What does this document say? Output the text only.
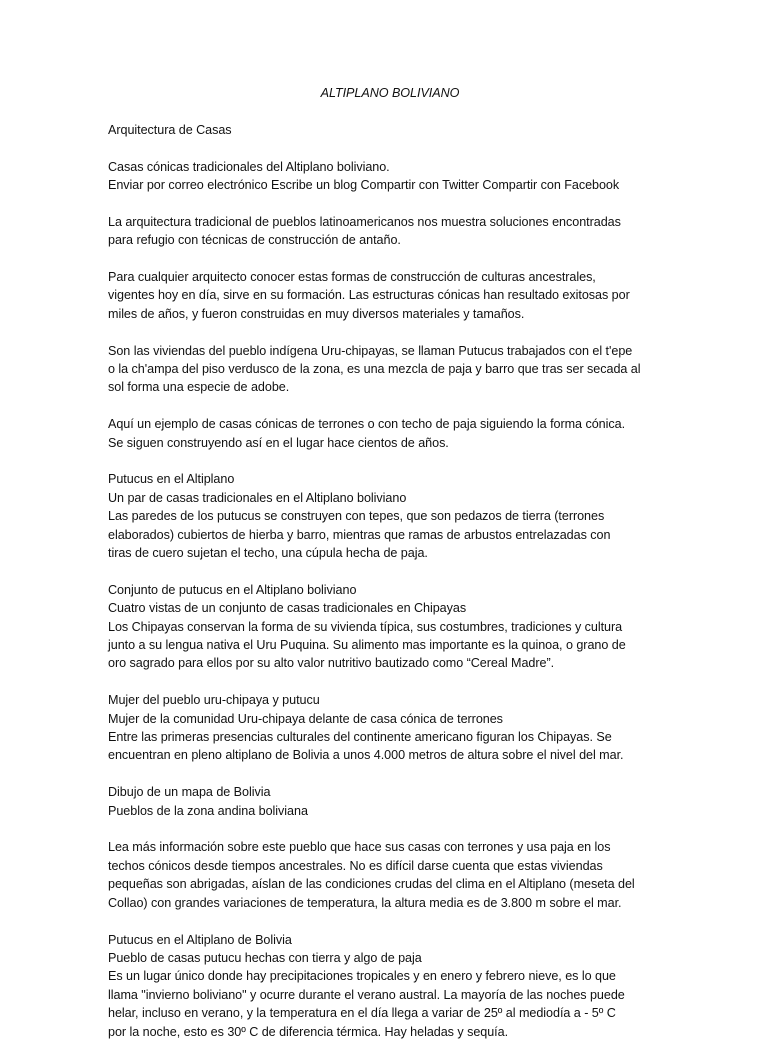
ALTIPLANO BOLIVIANO
Arquitectura de Casas
Casas cónicas tradicionales del Altiplano boliviano.
Enviar por correo electrónico Escribe un blog Compartir con Twitter Compartir con Facebook
La arquitectura tradicional de pueblos latinoamericanos nos muestra soluciones encontradas
para refugio con técnicas de construcción de antaño.
Para cualquier arquitecto conocer estas formas de construcción de culturas ancestrales,
vigentes hoy en día, sirve en su formación. Las estructuras cónicas han resultado exitosas por
miles de años, y fueron construidas en muy diversos materiales y tamaños.
Son las viviendas del pueblo indígena Uru-chipayas, se llaman Putucus trabajados con el t'epe
o la ch'ampa del piso verdusco de la zona, es una mezcla de paja y barro que tras ser secada al
sol forma una especie de adobe.
Aquí un ejemplo de casas cónicas de terrones o con techo de paja siguiendo la forma cónica.
Se siguen construyendo así en el lugar hace cientos de años.
Putucus en el Altiplano
Un par de casas tradicionales en el Altiplano boliviano
Las paredes de los putucus se construyen con tepes, que son pedazos de tierra (terrones
elaborados) cubiertos de hierba y barro, mientras que ramas de arbustos entrelazadas con
tiras de cuero sujetan el techo, una cúpula hecha de paja.
Conjunto de putucus en el Altiplano boliviano
Cuatro vistas de un conjunto de casas tradicionales en Chipayas
Los Chipayas conservan la forma de su vivienda típica, sus costumbres, tradiciones y cultura
junto a su lengua nativa el Uru Puquina. Su alimento mas importante es la quinoa, o grano de
oro sagrado para ellos por su alto valor nutritivo bautizado como “Cereal Madre”.
Mujer del pueblo uru-chipaya y putucu
Mujer de la comunidad Uru-chipaya delante de casa cónica de terrones
Entre las primeras presencias culturales del continente americano figuran los Chipayas. Se
encuentran en pleno altiplano de Bolivia a unos 4.000 metros de altura sobre el nivel del mar.
Dibujo de un mapa de Bolivia
Pueblos de la zona andina boliviana
Lea más información sobre este pueblo que hace sus casas con terrones y usa paja en los
techos cónicos desde tiempos ancestrales. No es difícil darse cuenta que estas viviendas
pequeñas son abrigadas, aíslan de las condiciones crudas del clima en el Altiplano (meseta del
Collao) con grandes variaciones de temperatura, la altura media es de 3.800 m sobre el mar.
Putucus en el Altiplano de Bolivia
Pueblo de casas putucu hechas con tierra y algo de paja
Es un lugar único donde hay precipitaciones tropicales y en enero y febrero nieve, es lo que
llama "invierno boliviano" y ocurre durante el verano austral. La mayoría de las noches puede
helar, incluso en verano, y la temperatura en el día llega a variar de 25º al mediodía a - 5º C
por la noche, esto es 30º C de diferencia térmica. Hay heladas y sequía.
